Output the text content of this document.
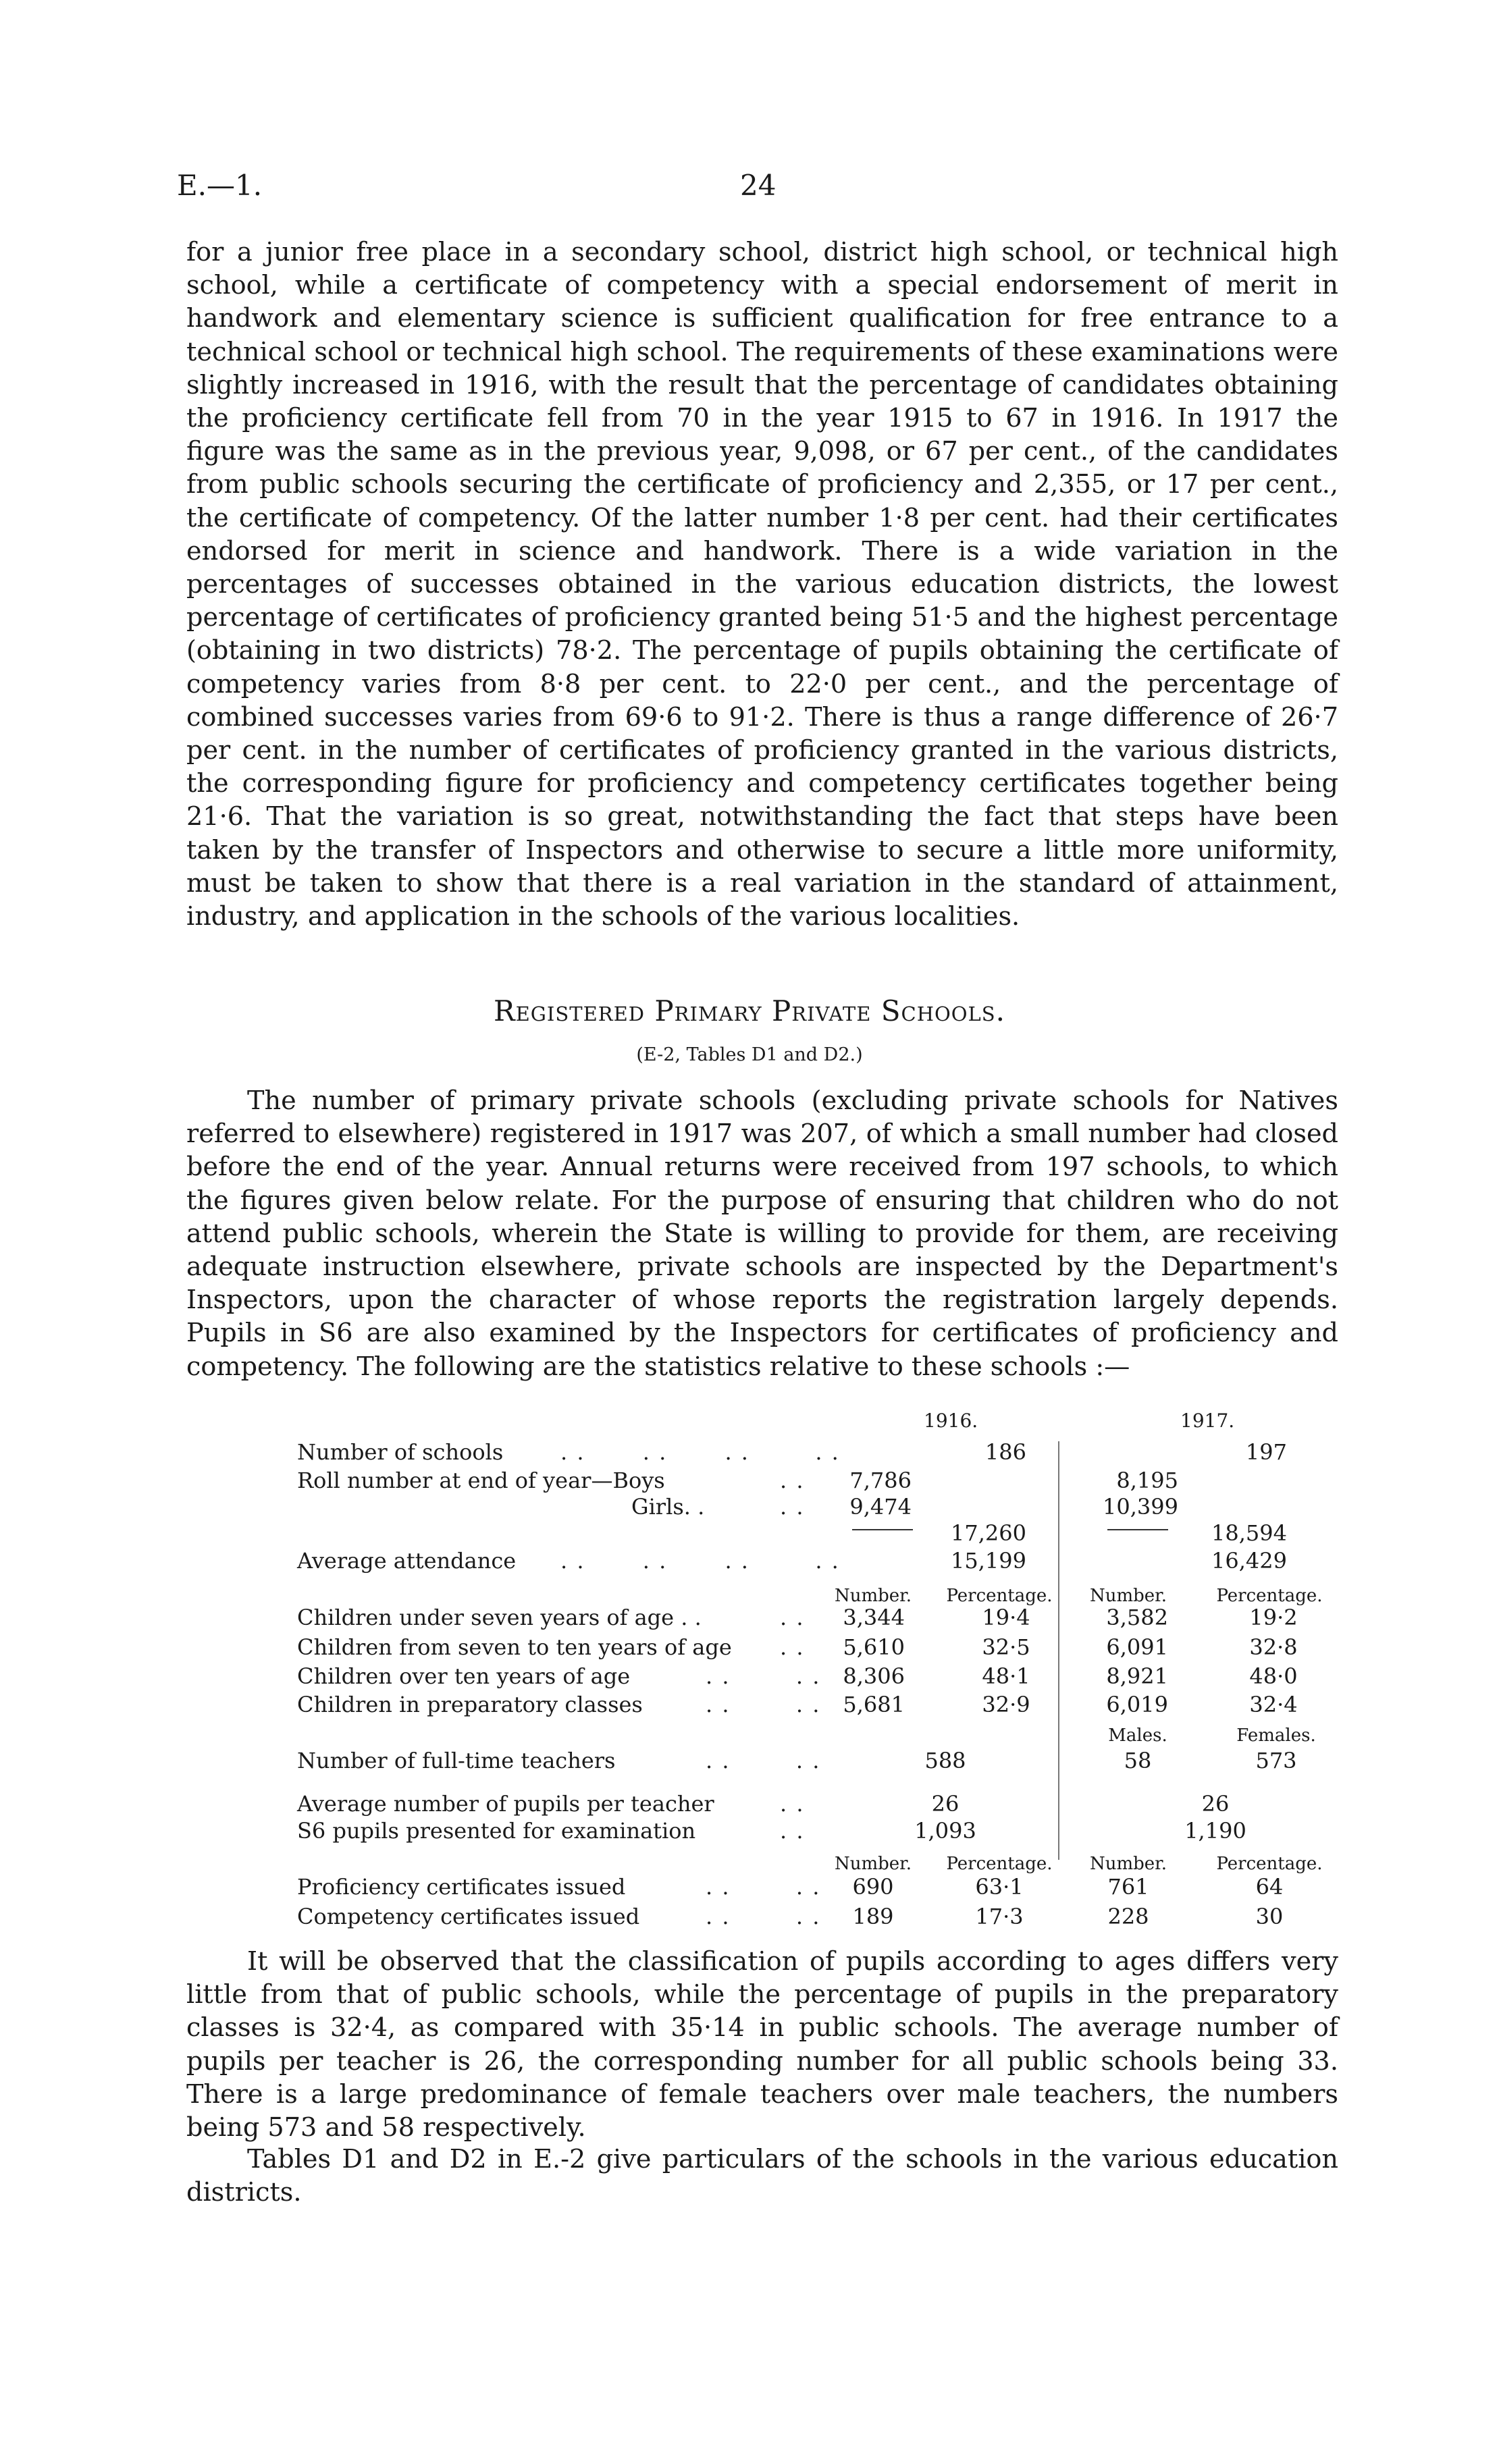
E.—1.	24

for a junior free place in a secondary school, district high school, or technical high school, while a certificate of competency with a special endorsement of merit in handwork and elementary science is sufficient qualification for free entrance to a technical school or technical high school. The requirements of these examinations were slightly increased in 1916, with the result that the percentage of candidates obtaining the proficiency certificate fell from 70 in the year 1915 to 67 in 1916. In 1917 the figure was the same as in the previous year, 9,098, or 67 per cent., of the candidates from public schools securing the certificate of proficiency and 2,355, or 17 per cent., the certificate of competency. Of the latter number 1·8 per cent. had their certificates endorsed for merit in science and handwork. There is a wide variation in the percentages of successes obtained in the various education districts, the lowest percentage of certificates of proficiency granted being 51·5 and the highest percentage (obtaining in two districts) 78·2. The percentage of pupils obtaining the certificate of competency varies from 8·8 per cent. to 22·0 per cent., and the percentage of combined successes varies from 69·6 to 91·2. There is thus a range difference of 26·7 per cent. in the number of certificates of proficiency granted in the various districts, the corresponding figure for proficiency and competency certificates together being 21·6. That the variation is so great, notwithstanding the fact that steps have been taken by the transfer of Inspectors and otherwise to secure a little more uniformity, must be taken to show that there is a real variation in the standard of attainment, industry, and application in the schools of the various localities.

Registered Primary Private Schools.
(E-2, Tables D1 and D2.)

The number of primary private schools (excluding private schools for Natives referred to elsewhere) registered in 1917 was 207, of which a small number had closed before the end of the year. Annual returns were received from 197 schools, to which the figures given below relate. For the purpose of ensuring that children who do not attend public schools, wherein the State is willing to provide for them, are receiving adequate instruction elsewhere, private schools are inspected by the Department's Inspectors, upon the character of whose reports the registration largely depends. Pupils in S6 are also examined by the Inspectors for certificates of proficiency and competency. The following are the statistics relative to these schools :—

1916.	1917.
Number of schools	. .       . .       . .        . .	186	197
Roll number at end of year—Boys	. .	7,786	8,195
Girls. .	. .	9,474	10,399
17,260	18,594
Average attendance . .       . .       . .        . .	15,199	16,429
Number.	Percentage.	Number.	Percentage.
Children under seven years of age . .	. .	3,344	19·4	3,582	19·2
Children from seven to ten years of age . .	5,610	32·5	6,091	32·8
Children over ten years of age	. .        . .	8,306	48·1	8,921	48·0
Children in preparatory classes	. .        . .	5,681	32·9	6,019	32·4
Males.	Females.
Number of full-time teachers	. .        . .	588	58	573
Average number of pupils per teacher	. .	26	26
S6 pupils presented for examination	. .	1,093	1,190
Number.	Percentage.	Number.	Percentage.
Proficiency certificates issued	. .        . .	690	63·1	761	64
Competency certificates issued	. .        . .	189	17·3	228	30

It will be observed that the classification of pupils according to ages differs very little from that of public schools, while the percentage of pupils in the preparatory classes is 32·4, as compared with 35·14 in public schools. The average number of pupils per teacher is 26, the corresponding number for all public schools being 33. There is a large predominance of female teachers over male teachers, the numbers being 573 and 58 respectively.

Tables D1 and D2 in E.-2 give particulars of the schools in the various education districts.
